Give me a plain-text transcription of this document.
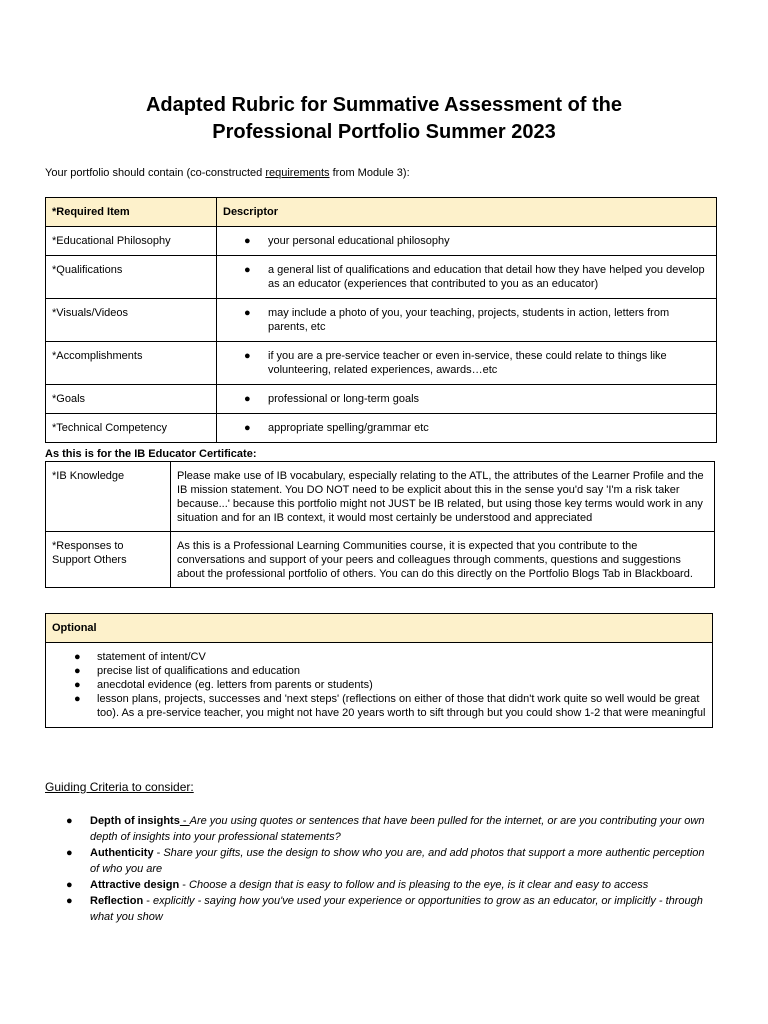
Adapted Rubric for Summative Assessment of the
Professional Portfolio Summer 2023
Your portfolio should contain (co-constructed requirements from Module 3):
*Required Item	Descriptor
*Educational Philosophy	● your personal educational philosophy

*Qualifications	● a general list of qualifications and education that detail how they have helped you develop as an educator (experiences that contributed to you as an educator)

*Visuals/Videos	● may include a photo of you, your teaching, projects, students in action, letters from parents, etc

*Accomplishments	● if you are a pre-service teacher or even in-service, these could relate to things like volunteering, related experiences, awards…etc

*Goals	● professional or long-term goals

*Technical Competency	● appropriate spelling/grammar etc
As this is for the IB Educator Certificate:
*IB Knowledge	Please make use of IB vocabulary, especially relating to the ATL, the attributes of the Learner Profile and the IB mission statement. You DO NOT need to be explicit about this in the sense you'd say 'I'm a risk taker because...' because this portfolio might not JUST be IB related, but using those key terms would work in any situation and for an IB context, it would most certainly be understood and appreciated
*Responses to Support Others	As this is a Professional Learning Communities course, it is expected that you contribute to the conversations and support of your peers and colleagues through comments, questions and suggestions about the professional portfolio of others. You can do this directly on the Portfolio Blogs Tab in Blackboard.
Optional

●	statement of intent/CV
●	precise list of qualifications and education
●	anecdotal evidence (eg. letters from parents or students)
●	lesson plans, projects, successes and 'next steps' (reflections on either of those that didn't work quite so well would be great too). As a pre-service teacher, you might not have 20 years worth to sift through but you could show 1-2 that were meaningful
Guiding Criteria to consider:
●	Depth of insights - Are you using quotes or sentences that have been pulled for the internet, or are you contributing your own depth of insights into your professional statements?
●	Authenticity - Share your gifts, use the design to show who you are, and add photos that support a more authentic perception of who you are
●	Attractive design - Choose a design that is easy to follow and is pleasing to the eye, is it clear and easy to access
●	Reflection - explicitly - saying how you've used your experience or opportunities to grow as an educator, or implicitly - through what you show
